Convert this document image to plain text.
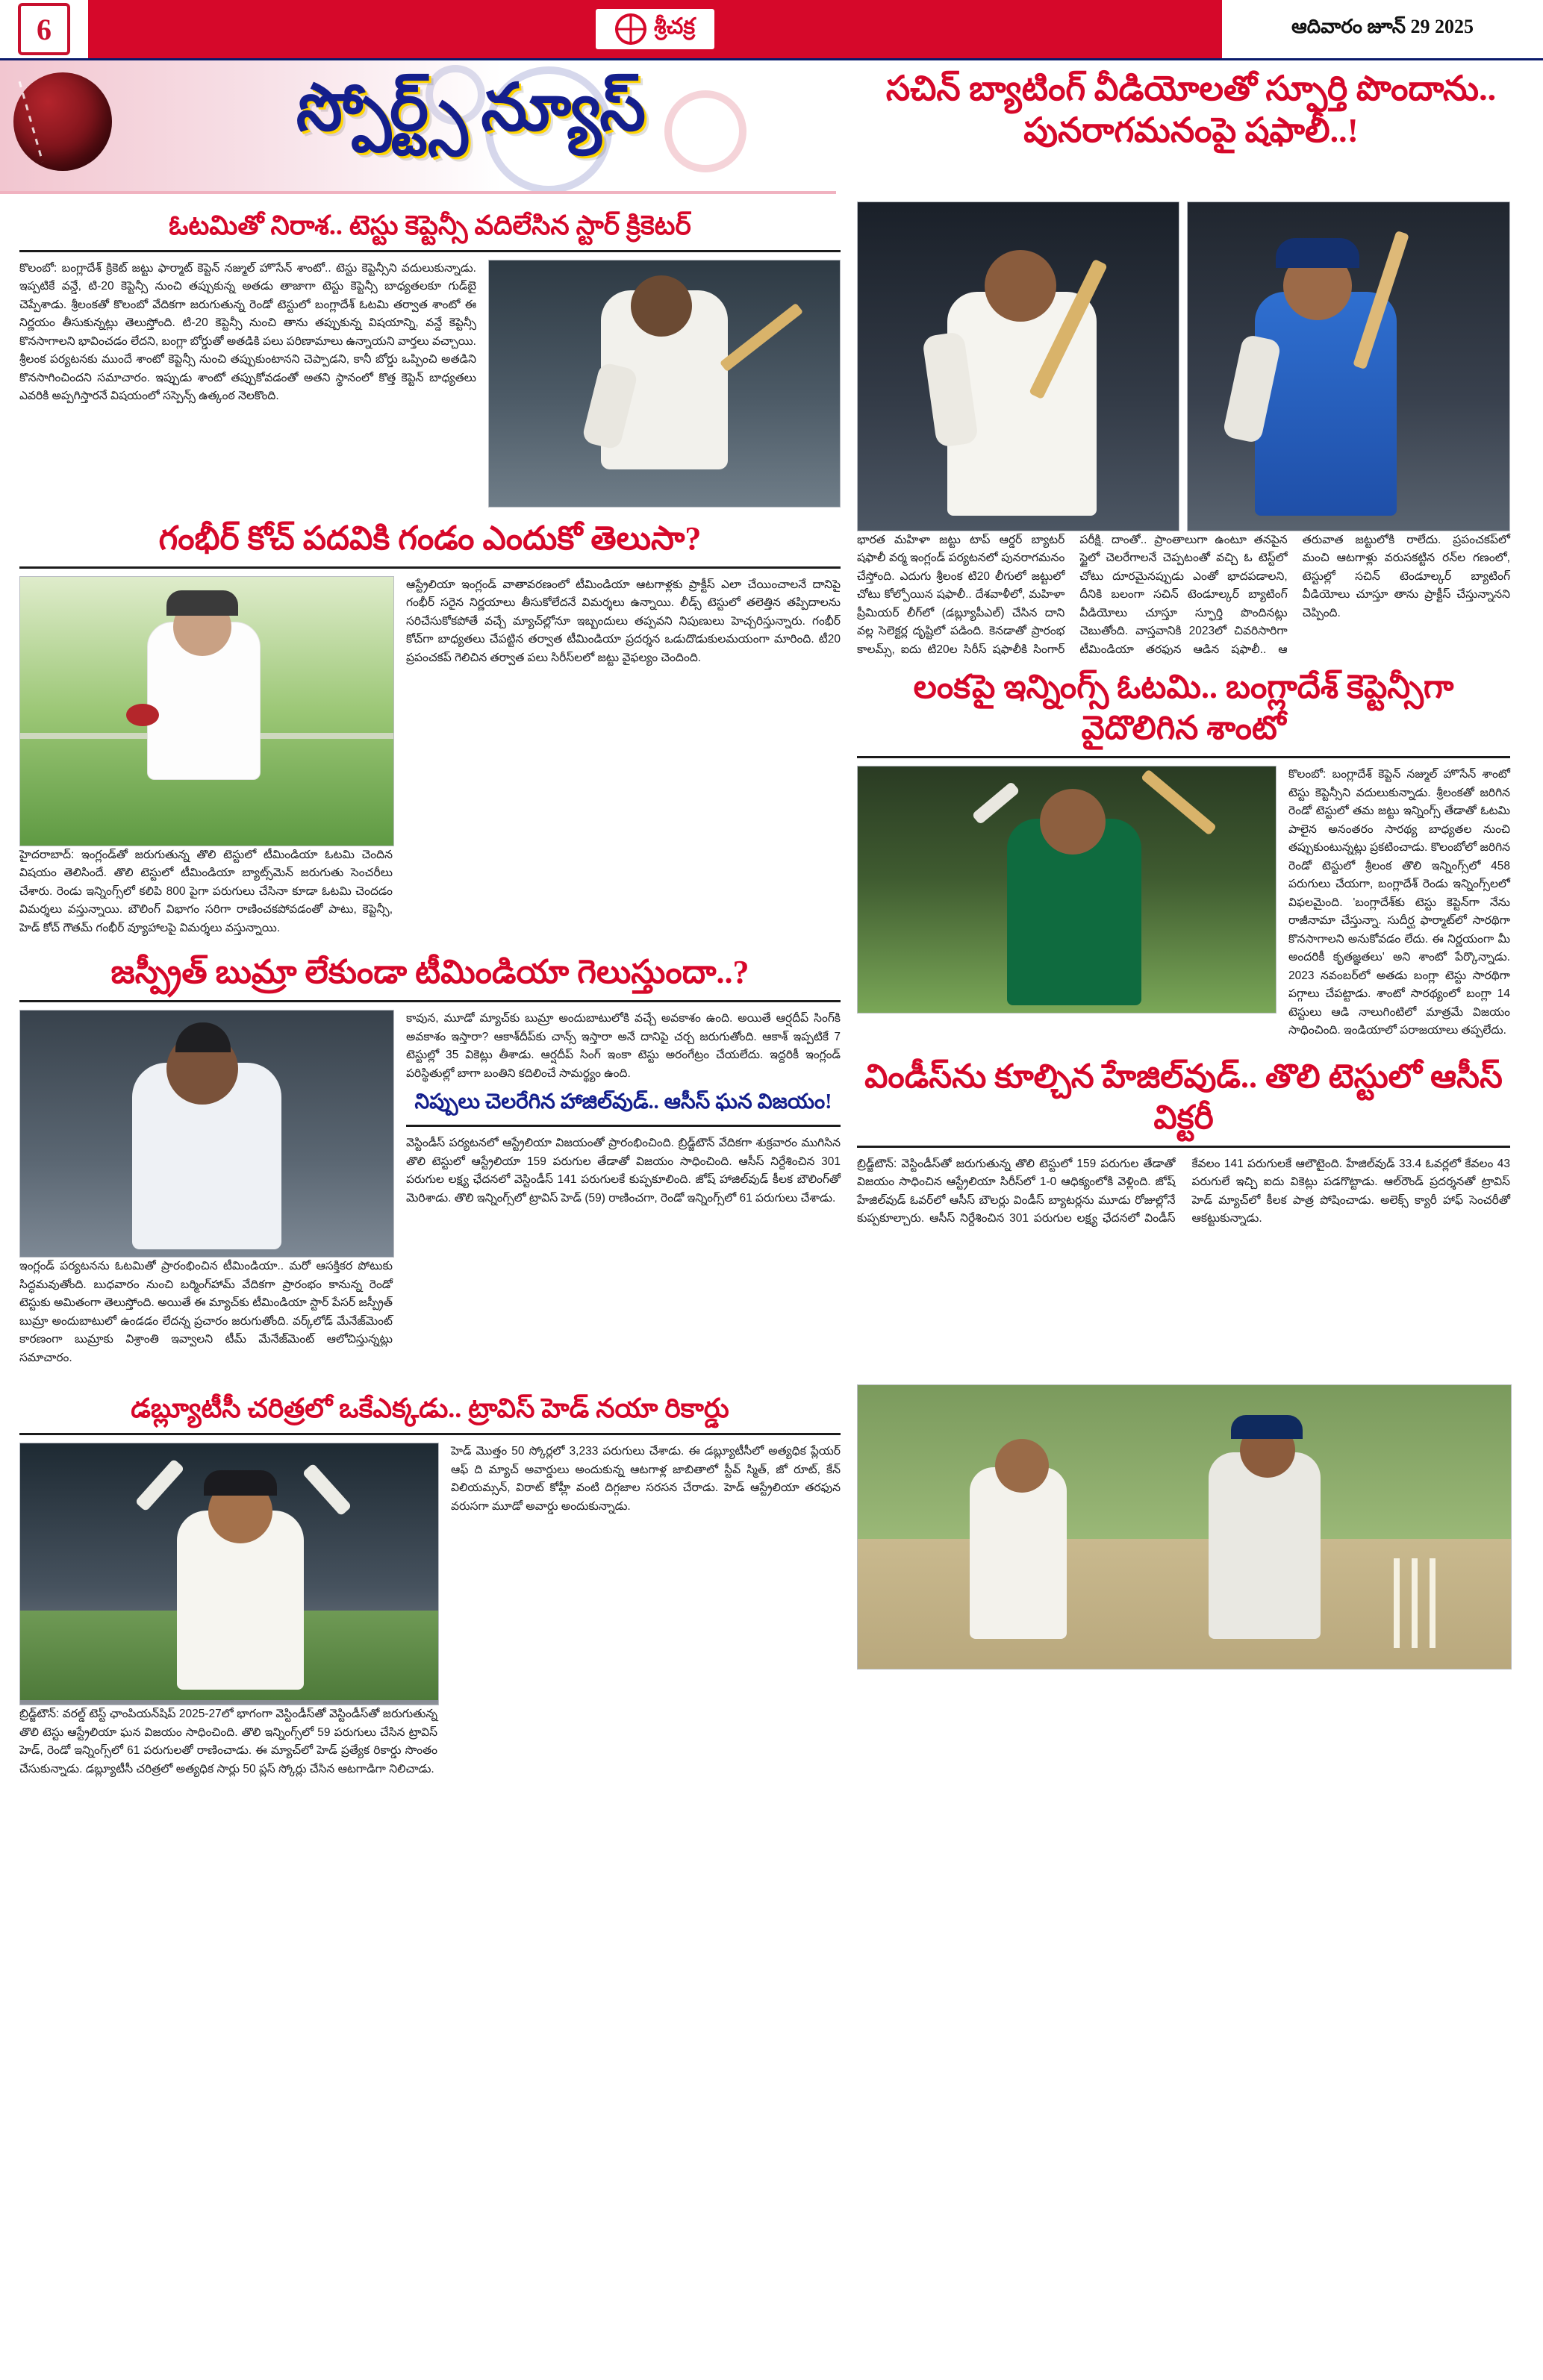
6	శ్రీచక్ర	ఆదివారం జూన్ 29 2025
స్పోర్ట్స్ న్యూస్	సచిన్ బ్యాటింగ్ వీడియోలతో స్ఫూర్తి పొందాను.. పునరాగమనంపై షఫాలీ..!
ఓటమితో నిరాశ.. టెస్టు కెప్టెన్సీ వదిలేసిన స్టార్ క్రికెటర్

కొలంబో: బంగ్లాదేశ్ క్రికెట్ జట్టు ఫార్మాట్ కెప్టెన్ నజ్ముల్ హొసేన్ శాంటో.. టెస్టు కెప్టెన్సీని వదులుకున్నాడు. ఇప్పటికే వన్డే, టి-20 కెప్టెన్సీ నుంచి తప్పుకున్న అతడు తాజాగా టెస్టు కెప్టెన్సీ బాధ్యతలకూ గుడ్‌బై చెప్పేశాడు. శ్రీలంకతో కొలంబో వేదికగా జరుగుతున్న రెండో టెస్టులో బంగ్లాదేశ్ ఓటమి తర్వాత శాంటో ఈ నిర్ణయం తీసుకున్నట్లు తెలుస్తోంది. టి-20 కెప్టెన్సీ నుంచి తాను తప్పుకున్న విషయాన్ని, వన్డే కెప్టెన్సీ కొనసాగాలని భావించడం లేదని, బంగ్లా బోర్డుతో అతడికి పలు పరిణామాలు ఉన్నాయని వార్తలు వచ్చాయి. శ్రీలంక పర్యటనకు ముందే శాంటో కెప్టెన్సీ నుంచి తప్పుకుంటానని చెప్పాడని, కానీ బోర్డు ఒప్పించి అతడిని కొనసాగించిందని సమాచారం. ఇప్పుడు శాంటో తప్పుకోవడంతో అతని స్థానంలో కొత్త కెప్టెన్ బాధ్యతలు ఎవరికి అప్పగిస్తారనే విషయంలో సస్పెన్స్ ఉత్కంఠ నెలకొంది.

గంభీర్ కోచ్ పదవికి గండం ఎందుకో తెలుసా?

హైదరాబాద్: ఇంగ్లండ్‌తో జరుగుతున్న తొలి టెస్టులో టీమిండియా ఓటమి చెందిన విషయం తెలిసిందే. తొలి టెస్టులో టీమిండియా బ్యాట్స్‌మెన్ జరుగుతు సెంచరీలు చేశారు. రెండు ఇన్నింగ్స్‌లో కలిపి 800 పైగా పరుగులు చేసినా కూడా ఓటమి చెందడం విమర్శలు వస్తున్నాయి. బౌలింగ్ విభాగం సరిగా రాణించకపోవడంతో పాటు, కెప్టెన్సీ, హెడ్ కోచ్ గౌతమ్ గంభీర్ వ్యూహాలపై విమర్శలు వస్తున్నాయి.

ఆస్ట్రేలియా ఇంగ్లండ్ వాతావరణంలో టీమిండియా ఆటగాళ్లకు ప్రాక్టీస్ ఎలా చేయించాలనే దానిపై గంభీర్ సరైన నిర్ణయాలు తీసుకోలేదనే విమర్శలు ఉన్నాయి. లీడ్స్ టెస్టులో తలెత్తిన తప్పిదాలను సరిచేసుకోకపోతే వచ్చే మ్యాచ్‌ల్లోనూ ఇబ్బందులు తప్పవని నిపుణులు హెచ్చరిస్తున్నారు. గంభీర్ కోచ్‌గా బాధ్యతలు చేపట్టిన తర్వాత టీమిండియా ప్రదర్శన ఒడుదొడుకులమయంగా మారింది. టీ20 ప్రపంచకప్ గెలిచిన తర్వాత పలు సిరీస్‌లలో జట్టు వైఫల్యం చెందింది.

జస్ప్రీత్ బుమ్రా లేకుండా టీమిండియా గెలుస్తుందా..?

ఇంగ్లండ్ పర్యటనను ఓటమితో ప్రారంభించిన టీమిండియా.. మరో ఆసక్తికర పోటుకు సిద్ధమవుతోంది. బుధవారం నుంచి బర్మింగ్‌హామ్ వేదికగా ప్రారంభం కానున్న రెండో టెస్టుకు అమితంగా తెలుస్తోంది. అయితే ఈ మ్యాచ్‌కు టీమిండియా స్టార్ పేసర్ జస్ప్రీత్ బుమ్రా అందుబాటులో ఉండడం లేదన్న ప్రచారం జరుగుతోంది. వర్క్‌లోడ్ మేనేజ్‌మెంట్ కారణంగా బుమ్రాకు విశ్రాంతి ఇవ్వాలని టీమ్ మేనేజ్‌మెంట్ ఆలోచిస్తున్నట్లు సమాచారం.

కావున, మూడో మ్యాచ్‌కు బుమ్రా అందుబాటులోకి వచ్చే అవకాశం ఉంది. అయితే ఆర్షదీప్ సింగ్‌కి అవకాశం ఇస్తారా? ఆకాశ్‌దీప్‌కు చాన్స్ ఇస్తారా అనే దానిపై చర్చ జరుగుతోంది. ఆకాశ్ ఇప్పటికే 7 టెస్టుల్లో 35 వికెట్లు తీశాడు. ఆర్షదీప్ సింగ్ ఇంకా టెస్టు అరంగేట్రం చేయలేదు. ఇద్దరికీ ఇంగ్లండ్ పరిస్థితుల్లో బాగా బంతిని కదిలించే సామర్థ్యం ఉంది.

నిప్పులు చెలరేగిన హాజిల్‌వుడ్.. ఆసీస్ ఘన విజయం!

వెస్టిండీస్ పర్యటనలో ఆస్ట్రేలియా విజయంతో ప్రారంభించింది. బ్రిడ్జ్‌టౌన్ వేదికగా శుక్రవారం ముగిసిన తొలి టెస్టులో ఆస్ట్రేలియా 159 పరుగుల తేడాతో విజయం సాధించింది. ఆసీస్ నిర్దేశించిన 301 పరుగుల లక్ష్య ఛేదనలో వెస్టిండీస్ 141 పరుగులకే కుప్పకూలింది. జోష్ హాజిల్‌వుడ్ కీలక బౌలింగ్‌తో మెరిశాడు. తొలి ఇన్నింగ్స్‌లో ట్రావిస్ హెడ్ (59) రాణించగా, రెండో ఇన్నింగ్స్‌లో 61 పరుగులు చేశాడు.

భారత మహిళా జట్టు టాప్ ఆర్డర్ బ్యాటర్ షఫాలీ వర్మ ఇంగ్లండ్ పర్యటనలో పునరాగమనం చేస్తోంది. ఎదుగు శ్రీలంక టి20 లీగులో జట్టులో చోటు కోల్పోయిన షఫాలీ.. దేశవాళీలో, మహిళా ప్రీమియర్ లీగ్‌లో (డబ్ల్యూపీఎల్) చేసిన దాని వల్ల సెలెక్టర్ల దృష్టిలో పడింది. కెనడాతో ప్రారంభ కాలమ్స్, ఐదు టి20ల సిరీస్ షఫాలీకి సింగార్ పరీక్షి. దాంతో.. ప్రాంతాలుగా ఉంటూ తనపైన స్టైలో చెలరేగాలనే చెప్పటంతో వచ్చి ఓ టెస్ట్‌లో చోటు దూరమైనప్పుడు ఎంతో భాదపడాలని, దీనికి బలంగా సచిన్ టెండూల్కర్ బ్యాటింగ్ వీడియోలు చూస్తూ స్ఫూర్తి పొందినట్లు చెబుతోంది. వాస్తవానికి 2023లో చివరిసారిగా టీమిండియా తరఫున ఆడిన షఫాలీ.. ఆ తరువాత జట్టులోకి రాలేదు. ప్రపంచకప్‌లో మంచి ఆటగాళ్లు వరుసకట్టిన రన్‌ల గణంలో, టెస్టుల్లో సచిన్ టెండూల్కర్ బ్యాటింగ్ వీడియోలు చూస్తూ తాను ప్రాక్టీస్ చేస్తున్నానని చెప్పింది.

లంకపై ఇన్నింగ్స్ ఓటమి.. బంగ్లాదేశ్ కెప్టెన్సీగా వైదొలిగిన శాంటో

కొలంబో: బంగ్లాదేశ్ కెప్టెన్ నజ్ముల్ హొసేన్ శాంటో టెస్టు కెప్టెన్సీని వదులుకున్నాడు. శ్రీలంకతో జరిగిన రెండో టెస్టులో తమ జట్టు ఇన్నింగ్స్ తేడాతో ఓటమి పాలైన అనంతరం సారథ్య బాధ్యతల నుంచి తప్పుకుంటున్నట్లు ప్రకటించాడు. కొలంబోలో జరిగిన రెండో టెస్టులో శ్రీలంక తొలి ఇన్నింగ్స్‌లో 458 పరుగులు చేయగా, బంగ్లాదేశ్ రెండు ఇన్నింగ్స్‌లలో విఫలమైంది. 'బంగ్లాదేశ్‌కు టెస్టు కెప్టెన్‌గా నేను రాజీనామా చేస్తున్నా. సుదీర్ఘ ఫార్మాట్‌లో సారథిగా కొనసాగాలని అనుకోవడం లేదు. ఈ నిర్ణయంగా మీ అందరికీ కృతజ్ఞతలు' అని శాంటో పేర్కొన్నాడు. 2023 నవంబర్‌లో అతడు బంగ్లా టెస్టు సారథిగా పగ్గాలు చేపట్టాడు. శాంటో సారథ్యంలో బంగ్లా 14 టెస్టులు ఆడి నాలుగింటిలో మాత్రమే విజయం సాధించింది. ఇండియాలో పరాజయాలు తప్పలేదు.

విండీస్‌ను కూల్చిన హేజిల్‌వుడ్.. తొలి టెస్టులో ఆసీస్ విక్టరీ

బ్రిడ్జ్‌టౌన్: వెస్టిండీస్‌తో జరుగుతున్న తొలి టెస్టులో 159 పరుగుల తేడాతో విజయం సాధించిన ఆస్ట్రేలియా సిరీస్‌లో 1-0 ఆధిక్యంలోకి వెళ్లింది. జోష్ హేజిల్‌వుడ్ ఓవర్‌లో ఆసీస్ బౌలర్లు విండీస్ బ్యాటర్లను మూడు రోజుల్లోనే కుప్పకూల్చారు. ఆసీస్ నిర్దేశించిన 301 పరుగుల లక్ష్య ఛేదనలో విండీస్ కేవలం 141 పరుగులకే ఆలౌటైంది. హేజిల్‌వుడ్ 33.4 ఓవర్లలో కేవలం 43 పరుగులే ఇచ్చి ఐదు వికెట్లు పడగొట్టాడు. ఆల్‌రౌండ్ ప్రదర్శనతో ట్రావిస్ హెడ్ మ్యాచ్‌లో కీలక పాత్ర పోషించాడు. అలెక్స్ క్యారీ హాఫ్ సెంచరీతో ఆకట్టుకున్నాడు.

డబ్ల్యూటీసీ చరిత్రలో ఒకేఎక్కడు.. ట్రావిస్ హెడ్ నయా రికార్డు

బ్రిడ్జ్‌టౌన్: వరల్డ్ టెస్ట్ ఛాంపియన్‌షిప్ 2025-27లో భాగంగా వెస్టిండీస్‌తో వెస్టిండీస్‌తో జరుగుతున్న తొలి టెస్టు ఆస్ట్రేలియా ఘన విజయం సాధించింది. తొలి ఇన్నింగ్స్‌లో 59 పరుగులు చేసిన ట్రావిస్ హెడ్, రెండో ఇన్నింగ్స్‌లో 61 పరుగులతో రాణించాడు. ఈ మ్యాచ్‌లో హెడ్ ప్రత్యేక రికార్డు సొంతం చేసుకున్నాడు. డబ్ల్యూటీసీ చరిత్రలో అత్యధిక సార్లు 50 ప్లస్ స్కోర్లు చేసిన ఆటగాడిగా నిలిచాడు.

హెడ్ మొత్తం 50 స్కోర్లలో 3,233 పరుగులు చేశాడు. ఈ డబ్ల్యూటీసీలో అత్యధిక ప్లేయర్ ఆఫ్ ది మ్యాచ్ అవార్డులు అందుకున్న ఆటగాళ్ల జాబితాలో స్టీవ్ స్మిత్, జో రూట్, కేన్ విలియమ్సన్, విరాట్ కోహ్లీ వంటి దిగ్గజాల సరసన చేరాడు. హెడ్ ఆస్ట్రేలియా తరఫున వరుసగా మూడో అవార్డు అందుకున్నాడు.
